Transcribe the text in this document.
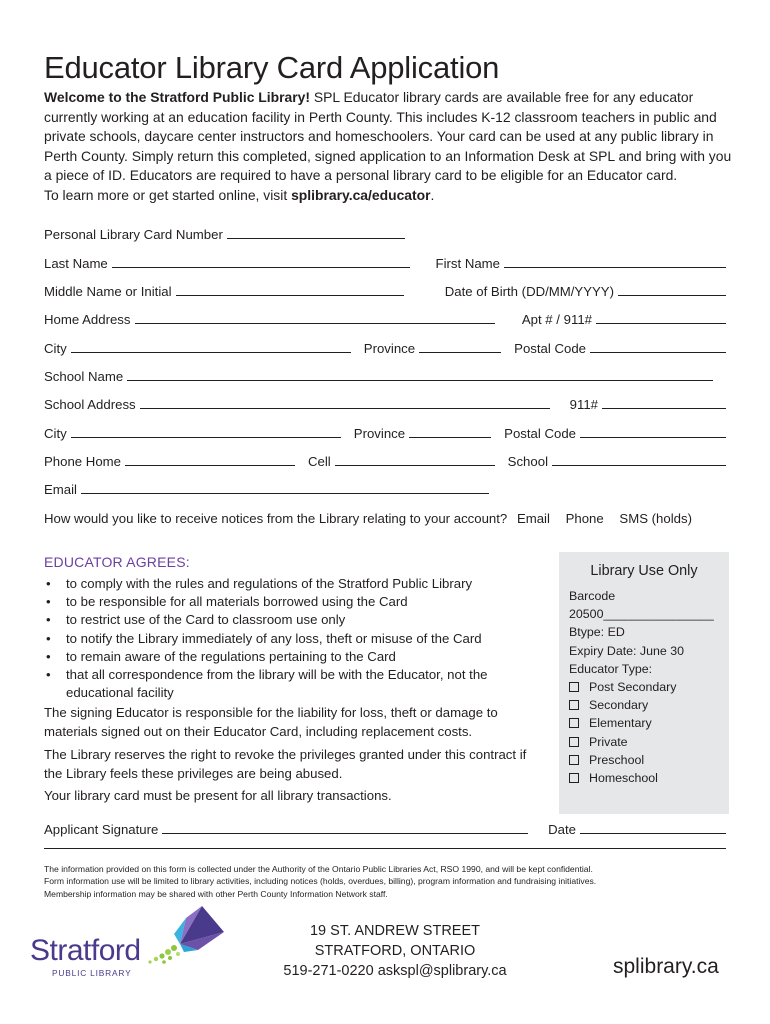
Educator Library Card Application
Welcome to the Stratford Public Library! SPL Educator library cards are available free for any educator currently working at an education facility in Perth County. This includes K-12 classroom teachers in public and private schools, daycare center instructors and homeschoolers. Your card can be used at any public library in Perth County. Simply return this completed, signed application to an Information Desk at SPL and bring with you a piece of ID. Educators are required to have a personal library card to be eligible for an Educator card.
To learn more or get started online, visit splibrary.ca/educator.
Personal Library Card Number
Last Name	First Name
Middle Name or Initial	Date of Birth (DD/MM/YYYY)
Home Address	Apt # / 911#
City	Province	Postal Code
School Name
School Address	911#
City	Province	Postal Code
Phone Home	Cell	School
Email
How would you like to receive notices from the Library relating to your account? Email Phone SMS (holds)
EDUCATOR AGREES:
• to comply with the rules and regulations of the Stratford Public Library
• to be responsible for all materials borrowed using the Card
• to restrict use of the Card to classroom use only
• to notify the Library immediately of any loss, theft or misuse of the Card
• to remain aware of the regulations pertaining to the Card
• that all correspondence from the library will be with the Educator, not the educational facility
The signing Educator is responsible for the liability for loss, theft or damage to materials signed out on their Educator Card, including replacement costs.
The Library reserves the right to revoke the privileges granted under this contract if the Library feels these privileges are being abused.
Your library card must be present for all library transactions.
Library Use Only
Barcode
20500________________
Btype: ED
Expiry Date: June 30
Educator Type:
Post Secondary
Secondary
Elementary
Private
Preschool
Homeschool
Applicant Signature	Date
The information provided on this form is collected under the Authority of the Ontario Public Libraries Act, RSO 1990, and will be kept confidential.
Form information use will be limited to library activities, including notices (holds, overdues, billing), program information and fundraising initiatives.
Membership information may be shared with other Perth County Information Network staff.
Stratford
PUBLIC LIBRARY
19 ST. ANDREW STREET
STRATFORD, ONTARIO
519-271-0220 askspl@splibrary.ca	splibrary.ca
